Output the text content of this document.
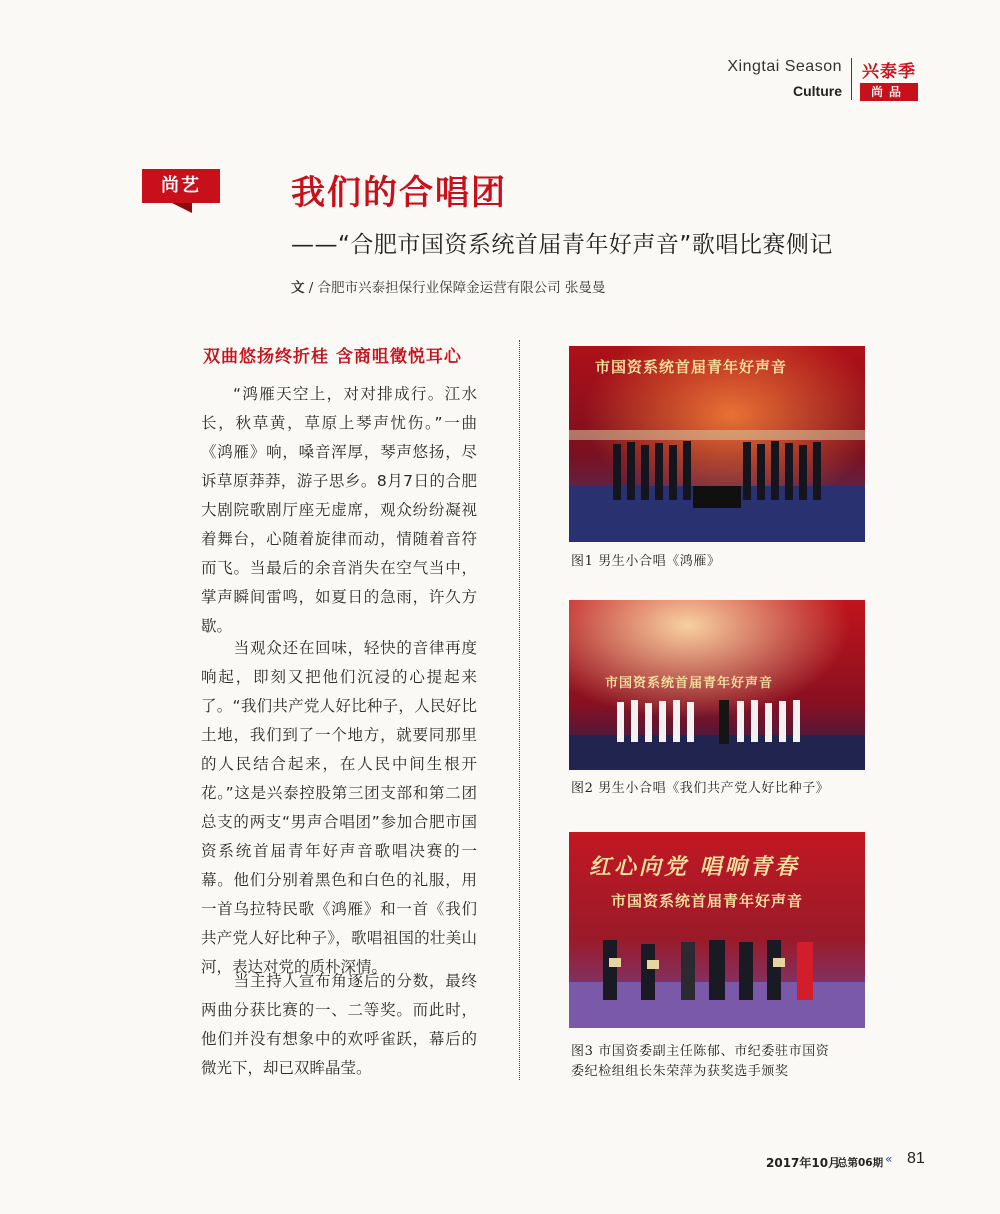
Xingtai Season
Culture
兴泰季
尚品
尚艺	我们的合唱团
——“合肥市国资系统首届青年好声音”歌唱比赛侧记
文 / 合肥市兴泰担保行业保障金运营有限公司 张曼曼
双曲悠扬终折桂 含商咀徵悦耳心

“鸿雁天空上，对对排成行。江水长，秋草黄，草原上琴声忧伤。”一曲《鸿雁》响，嗓音浑厚，琴声悠扬，尽诉草原莽莽，游子思乡。8月7日的合肥大剧院歌剧厅座无虚席，观众纷纷凝视着舞台，心随着旋律而动，情随着音符而飞。当最后的余音消失在空气当中，掌声瞬间雷鸣，如夏日的急雨，许久方歇。

当观众还在回味，轻快的音律再度响起，即刻又把他们沉浸的心提起来了。“我们共产党人好比种子，人民好比土地，我们到了一个地方，就要同那里的人民结合起来，在人民中间生根开花。”这是兴泰控股第三团支部和第二团总支的两支“男声合唱团”参加合肥市国资系统首届青年好声音歌唱决赛的一幕。他们分别着黑色和白色的礼服，用一首乌拉特民歌《鸿雁》和一首《我们共产党人好比种子》，歌唱祖国的壮美山河，表达对党的质朴深情。

当主持人宣布角逐后的分数，最终两曲分获比赛的一、二等奖。而此时，他们并没有想象中的欢呼雀跃，幕后的微光下，却已双眸晶莹。

市国资系统首届青年好声音
图1 男生小合唱《鸿雁》
市国资系统首届青年好声音
图2 男生小合唱《我们共产党人好比种子》
红心向党 唱响青春
市国资系统首届青年好声音
图3 市国资委副主任陈郁、市纪委驻市国资
委纪检组组长朱荣萍为获奖选手颁奖
2017年10月
总第06期 « 81
